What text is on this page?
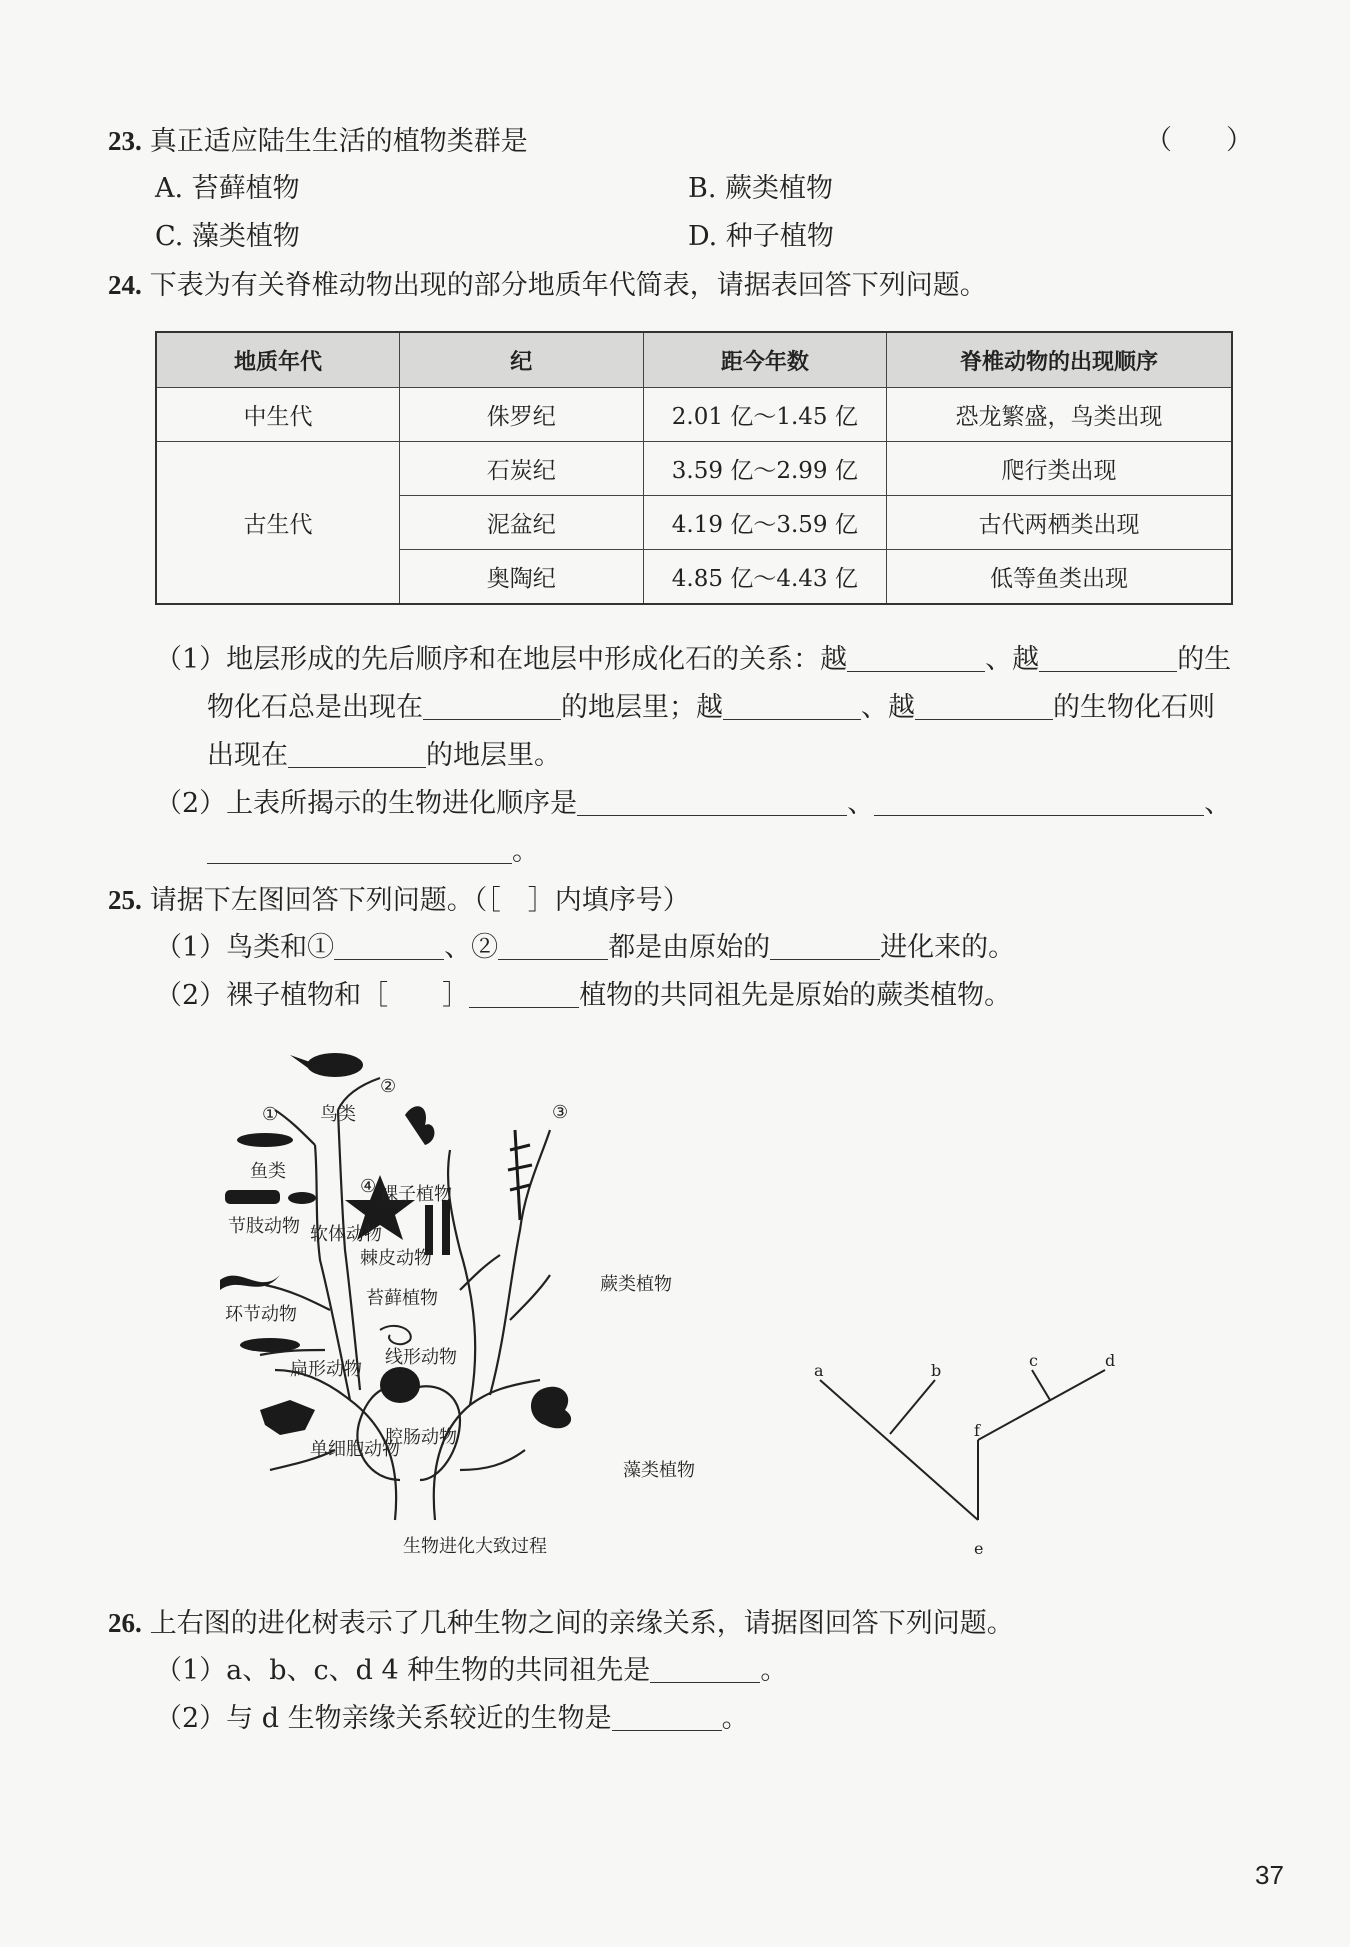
23. 真正适应陆生生活的植物类群是	（　　）
A. 苔藓植物	B. 蕨类植物
C. 藻类植物	D. 种子植物
24. 下表为有关脊椎动物出现的部分地质年代简表，请据表回答下列问题。
地质年代	纪	距今年数	脊椎动物的出现顺序
中生代	侏罗纪	2.01 亿～1.45 亿	恐龙繁盛，鸟类出现
古生代	石炭纪	3.59 亿～2.99 亿	爬行类出现
	泥盆纪	4.19 亿～3.59 亿	古代两栖类出现
	奥陶纪	4.85 亿～4.43 亿	低等鱼类出现
（1）地层形成的先后顺序和在地层中形成化石的关系：越	、越	的生
物化石总是出现在	的地层里；越	、越	的生物化石则
出现在	的地层里。
（2）上表所揭示的生物进化顺序是	、	、
。
25. 请据下左图回答下列问题。（［　］内填序号）
（1）鸟类和①	、②	都是由原始的	进化来的。
（2）裸子植物和［　　］	植物的共同祖先是原始的蕨类植物。
①
②
③
④
鸟类
鱼类
节肢动物 软体动物
环节动物
扁形动物
单细胞动物
裸子植物
棘皮动物
苔藓植物
线形动物
腔肠动物
蕨类植物
藻类植物
生物进化大致过程
a	b
c	d
f
e
26. 上右图的进化树表示了几种生物之间的亲缘关系，请据图回答下列问题。
（1）a、b、c、d 4 种生物的共同祖先是	。
（2）与 d 生物亲缘关系较近的生物是	。
37
